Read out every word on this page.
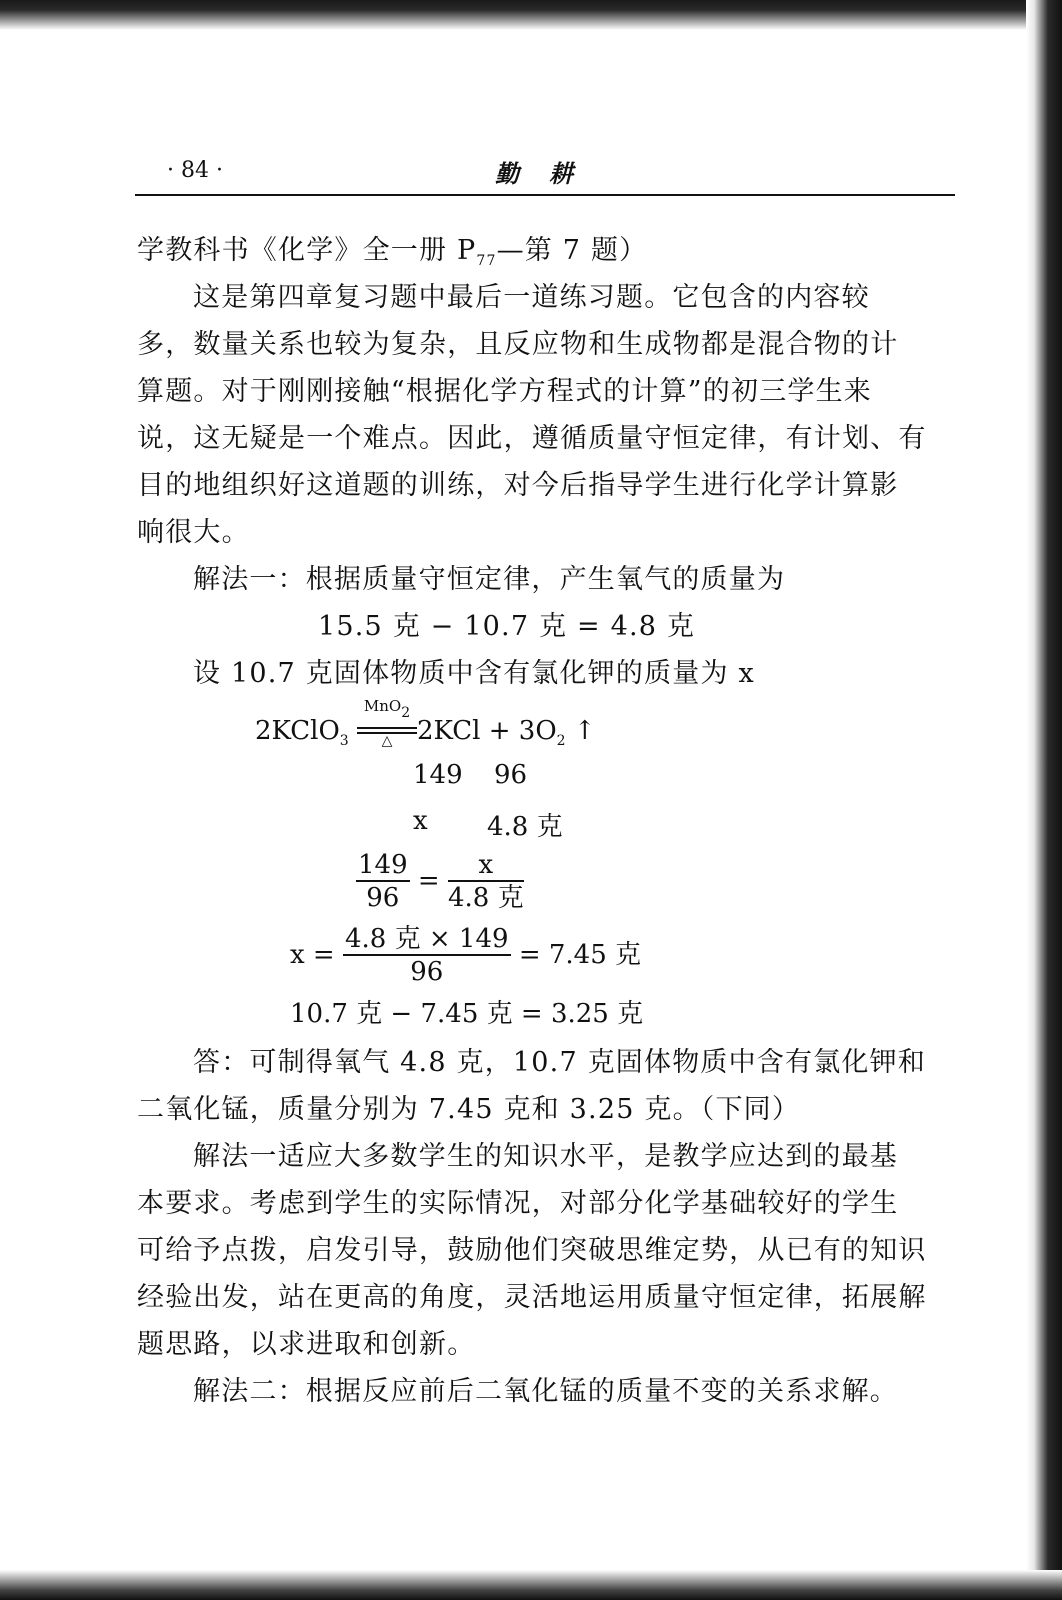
· 84 ·	勤耕
学教科书《化学》全一册 $P_{77}—$第 7 题）
这是第四章复习题中最后一道练习题。它包含的内容较
多，数量关系也较为复杂，且反应物和生成物都是混合物的计
算题。对于刚刚接触“根据化学方程式的计算”的初三学生来
说，这无疑是一个难点。因此，遵循质量守恒定律，有计划、有
目的地组织好这道题的训练，对今后指导学生进行化学计算影
响很大。
解法一：根据质量守恒定律，产生氧气的质量为
15.5 克 − 10.7 克 = 4.8 克
设 10.7 克固体物质中含有氯化钾的质量为 x
2KClO$_3$
MnO2
△ $2KCl + 3O_2$ ↑
149 96
x 4.8 克
$\frac{149}{96} = \frac{x}{\text{4.8 克}}$
$x = \frac{\text{4.8 克 × 149}}{96} = 7.45$ 克
10.7 克 − 7.45 克 = 3.25 克
答：可制得氧气 4.8 克，10.7 克固体物质中含有氯化钾和
二氧化锰，质量分别为 7.45 克和 3.25 克。（下同）
解法一适应大多数学生的知识水平，是教学应达到的最基
本要求。考虑到学生的实际情况，对部分化学基础较好的学生
可给予点拨，启发引导，鼓励他们突破思维定势，从已有的知识
经验出发，站在更高的角度，灵活地运用质量守恒定律，拓展解
题思路，以求进取和创新。
解法二：根据反应前后二氧化锰的质量不变的关系求解。
